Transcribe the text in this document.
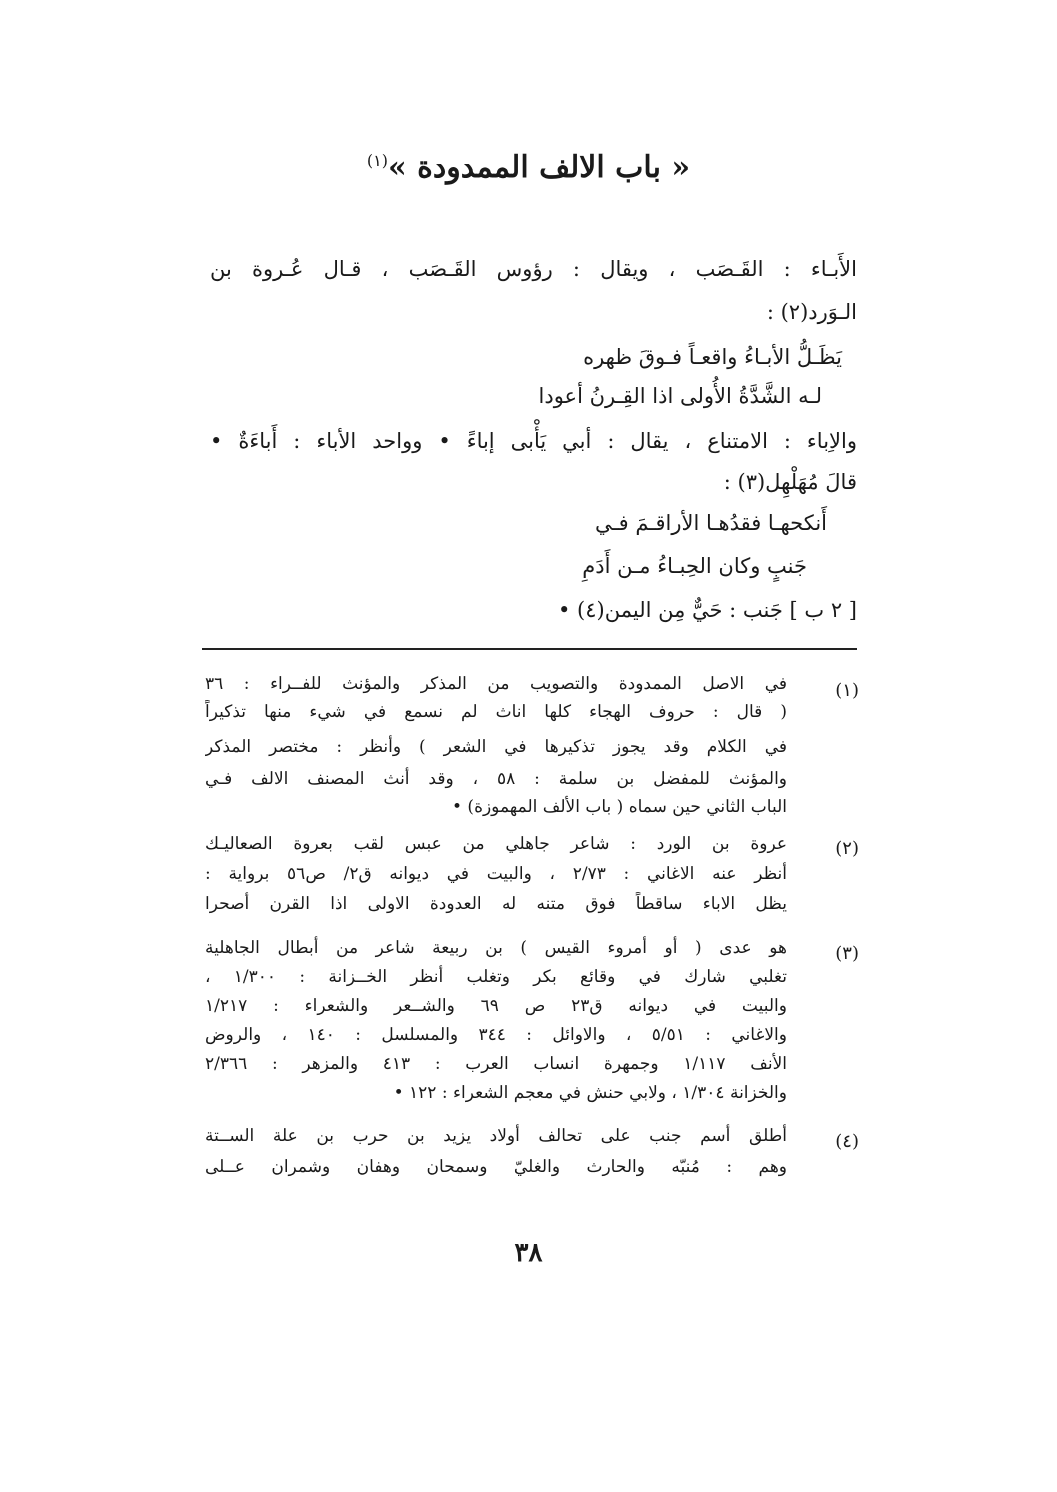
« باب الالف الممدودة »$^{(١)}$
الأَبـاء : القَـصَب ، ويقال : رؤوس القَـصَب ، قـال عُـروة بن
الـوَرد(٢) :
يَظَـلُّ الأبـاءُ واقعـاً فـوقَ ظهره
لـه الشَّدَّةُ الأُولى اذا القِـرنُ أعودا
والاِباء : الامتناع ، يقال : أبي يَأْبى إباءً • وواحد الأباء : أَباءَةٌ •
قالَ مُهَلْهِل(٣) :
أَنكحهـا فقدُهـا الأراقـمَ فـي
جَنبٍ وكان الحِبـاءُ مـن أَدَمِ
[ ٢ ب ] جَنب : حَيٌّ مِن اليمن(٤) •
(١)
في الاصل الممدودة والتصويب من المذكر والمؤنث للفــراء : ٣٦
( قال : حروف الهجاء كلها اناث لم نسمع في شيء منها تذكيراً
في الكلام وقد يجوز تذكيرها في الشعر ) وأنظر : مختصر المذكر
والمؤنث للمفضل بن سلمة : ٥٨ ، وقد أنث المصنف الالف فـي
الباب الثاني حين سماه ( باب الألف المهموزة) •
(٢)
عروة بن الورد : شاعر جاهلي من عبس لقب بعروة الصعاليـك
أنظر عنه الاغاني : ٢/٧٣ ، والبيت في ديوانه ق٢/ ص٥٦ برواية :
يظل الاباء ساقطاً فوق متنه له العدودة الاولى اذا القرن أصحرا
(٣)
هو عدى ( أو أمروء القيس ) بن ربيعة شاعر من أبطال الجاهلية
تغلبي شارك في وقائع بكر وتغلب أنظر الخــزانة : ١/٣٠٠ ،
والبيت في ديوانه ق٢٣ ص ٦٩ والشــعر والشعراء : ١/٢١٧
والاغاني : ٥/٥١ ، والاوائل : ٣٤٤ والمسلسل : ١٤٠ ، والروض
الأنف ١/١١٧ وجمهرة انساب العرب : ٤١٣ والمزهر : ٢/٣٦٦
والخزانة ١/٣٠٤ ، ولابي حنش في معجم الشعراء : ١٢٢ •
(٤)
أطلق أسم جنب على تحالف أولاد يزيد بن حرب بن علة الســتة
وهم : مُنبّه والحارث والغليّ وسمحان وهفان وشمران عــلى
٣٨
